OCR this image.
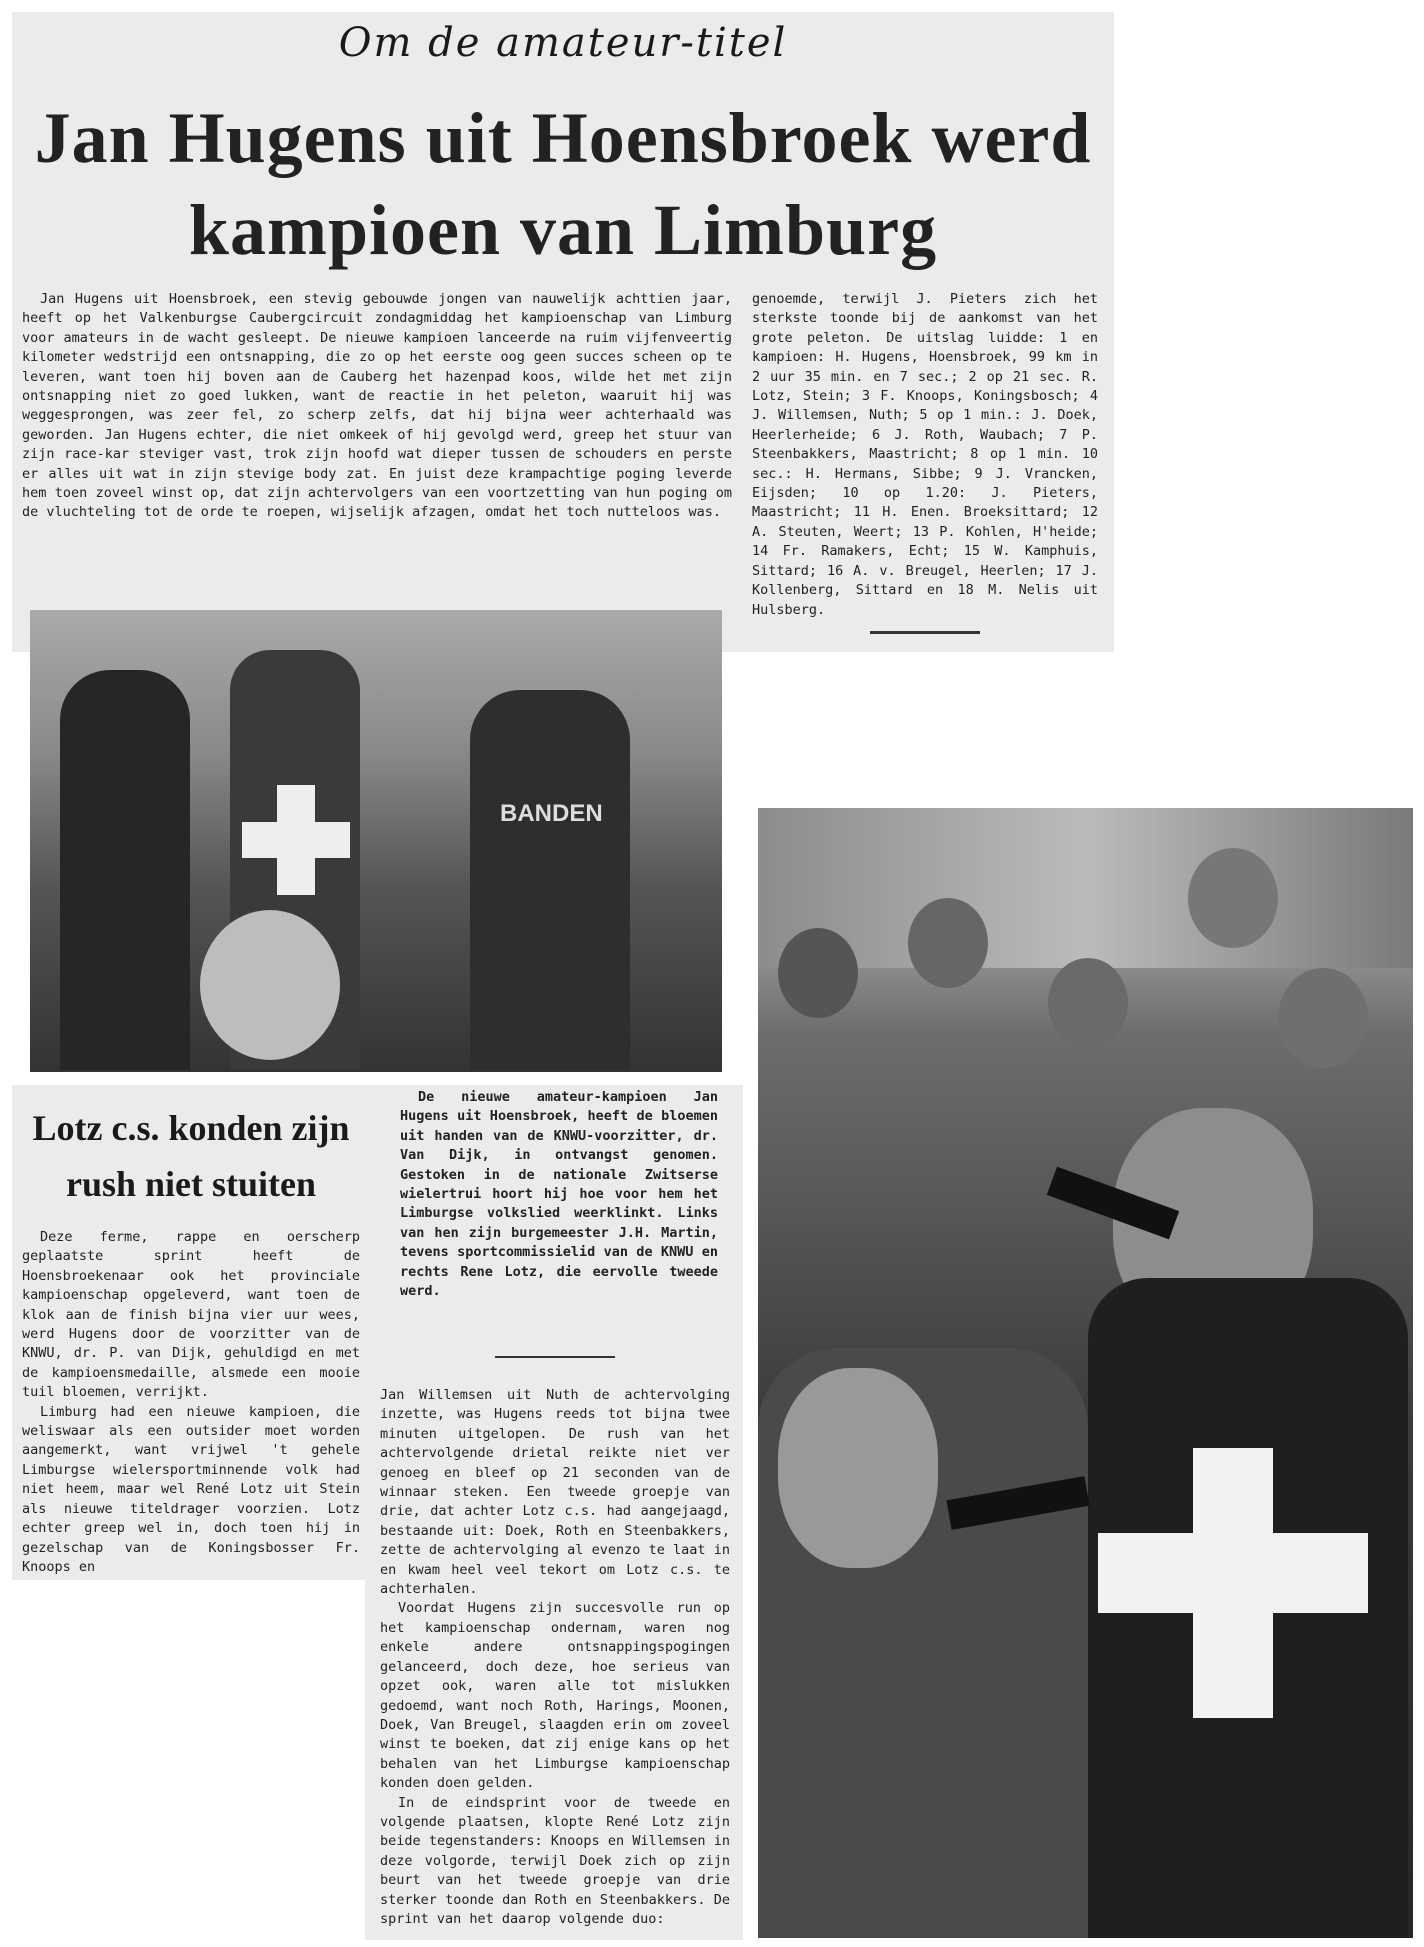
Om de amateur-titel
Jan Hugens uit Hoensbroek werd
kampioen van Limburg

Jan Hugens uit Hoensbroek, een stevig gebouwde jongen van nauwelijk achttien jaar, heeft op het Valkenburgse Caubergcircuit zondagmiddag het kampioenschap van Limburg voor amateurs in de wacht gesleept. De nieuwe kampioen lanceerde na ruim vijfenveertig kilometer wedstrijd een ontsnapping, die zo op het eerste oog geen succes scheen op te leveren, want toen hij boven aan de Cauberg het hazenpad koos, wilde het met zijn ontsnapping niet zo goed lukken, want de reactie in het peleton, waaruit hij was weggesprongen, was zeer fel, zo scherp zelfs, dat hij bijna weer achterhaald was geworden. Jan Hugens echter, die niet omkeek of hij gevolgd werd, greep het stuur van zijn race-kar steviger vast, trok zijn hoofd wat dieper tussen de schouders en perste er alles uit wat in zijn stevige body zat. En juist deze krampachtige poging leverde hem toen zoveel winst op, dat zijn achtervolgers van een voortzetting van hun poging om de vluchteling tot de orde te roepen, wijselijk afzagen, omdat het toch nutteloos was.

genoemde, terwijl J. Pieters zich het sterkste toonde bij de aankomst van het grote peleton. De uitslag luidde: 1 en kampioen: H. Hugens, Hoensbroek, 99 km in 2 uur 35 min. en 7 sec.; 2 op 21 sec. R. Lotz, Stein; 3 F. Knoops, Koningsbosch; 4 J. Willemsen, Nuth; 5 op 1 min.: J. Doek, Heerlerheide; 6 J. Roth, Waubach; 7 P. Steenbakkers, Maastricht; 8 op 1 min. 10 sec.: H. Hermans, Sibbe; 9 J. Vrancken, Eijsden; 10 op 1.20: J. Pieters, Maastricht; 11 H. Enen. Broeksittard; 12 A. Steuten, Weert; 13 P. Kohlen, H'heide; 14 Fr. Ramakers, Echt; 15 W. Kamphuis, Sittard; 16 A. v. Breugel, Heerlen; 17 J. Kollenberg, Sittard en 18 M. Nelis uit Hulsberg.

BANDEN
Lotz c.s. konden zijn
rush niet stuiten

Deze ferme, rappe en oerscherp geplaatste sprint heeft de Hoensbroekenaar ook het provinciale kampioenschap opgeleverd, want toen de klok aan de finish bijna vier uur wees, werd Hugens door de voorzitter van de KNWU, dr. P. van Dijk, gehuldigd en met de kampioensmedaille, alsmede een mooie tuil bloemen, verrijkt.

Limburg had een nieuwe kampioen, die weliswaar als een outsider moet worden aangemerkt, want vrijwel 't gehele Limburgse wielersportminnende volk had niet heem, maar wel René Lotz uit Stein als nieuwe titeldrager voorzien. Lotz echter greep wel in, doch toen hij in gezelschap van de Koningsbosser Fr. Knoops en

De nieuwe amateur-kampioen Jan Hugens uit Hoensbroek, heeft de bloemen uit handen van de KNWU-voorzitter, dr. Van Dijk, in ontvangst genomen. Gestoken in de nationale Zwitserse wielertrui hoort hij hoe voor hem het Limburgse volkslied weerklinkt. Links van hen zijn burgemeester J.H. Martin, tevens sportcommissielid van de KNWU en rechts Rene Lotz, die eervolle tweede werd.

Jan Willemsen uit Nuth de achtervolging inzette, was Hugens reeds tot bijna twee minuten uitgelopen. De rush van het achtervolgende drietal reikte niet ver genoeg en bleef op 21 seconden van de winnaar steken. Een tweede groepje van drie, dat achter Lotz c.s. had aangejaagd, bestaande uit: Doek, Roth en Steenbakkers, zette de achtervolging al evenzo te laat in en kwam heel veel tekort om Lotz c.s. te achterhalen.

Voordat Hugens zijn succesvolle run op het kampioenschap ondernam, waren nog enkele andere ontsnappingspogingen gelanceerd, doch deze, hoe serieus van opzet ook, waren alle tot mislukken gedoemd, want noch Roth, Harings, Moonen, Doek, Van Breugel, slaagden erin om zoveel winst te boeken, dat zij enige kans op het behalen van het Limburgse kampioenschap konden doen gelden.

In de eindsprint voor de tweede en volgende plaatsen, klopte René Lotz zijn beide tegenstanders: Knoops en Willemsen in deze volgorde, terwijl Doek zich op zijn beurt van het tweede groepje van drie sterker toonde dan Roth en Steenbakkers. De sprint van het daarop volgende duo:
